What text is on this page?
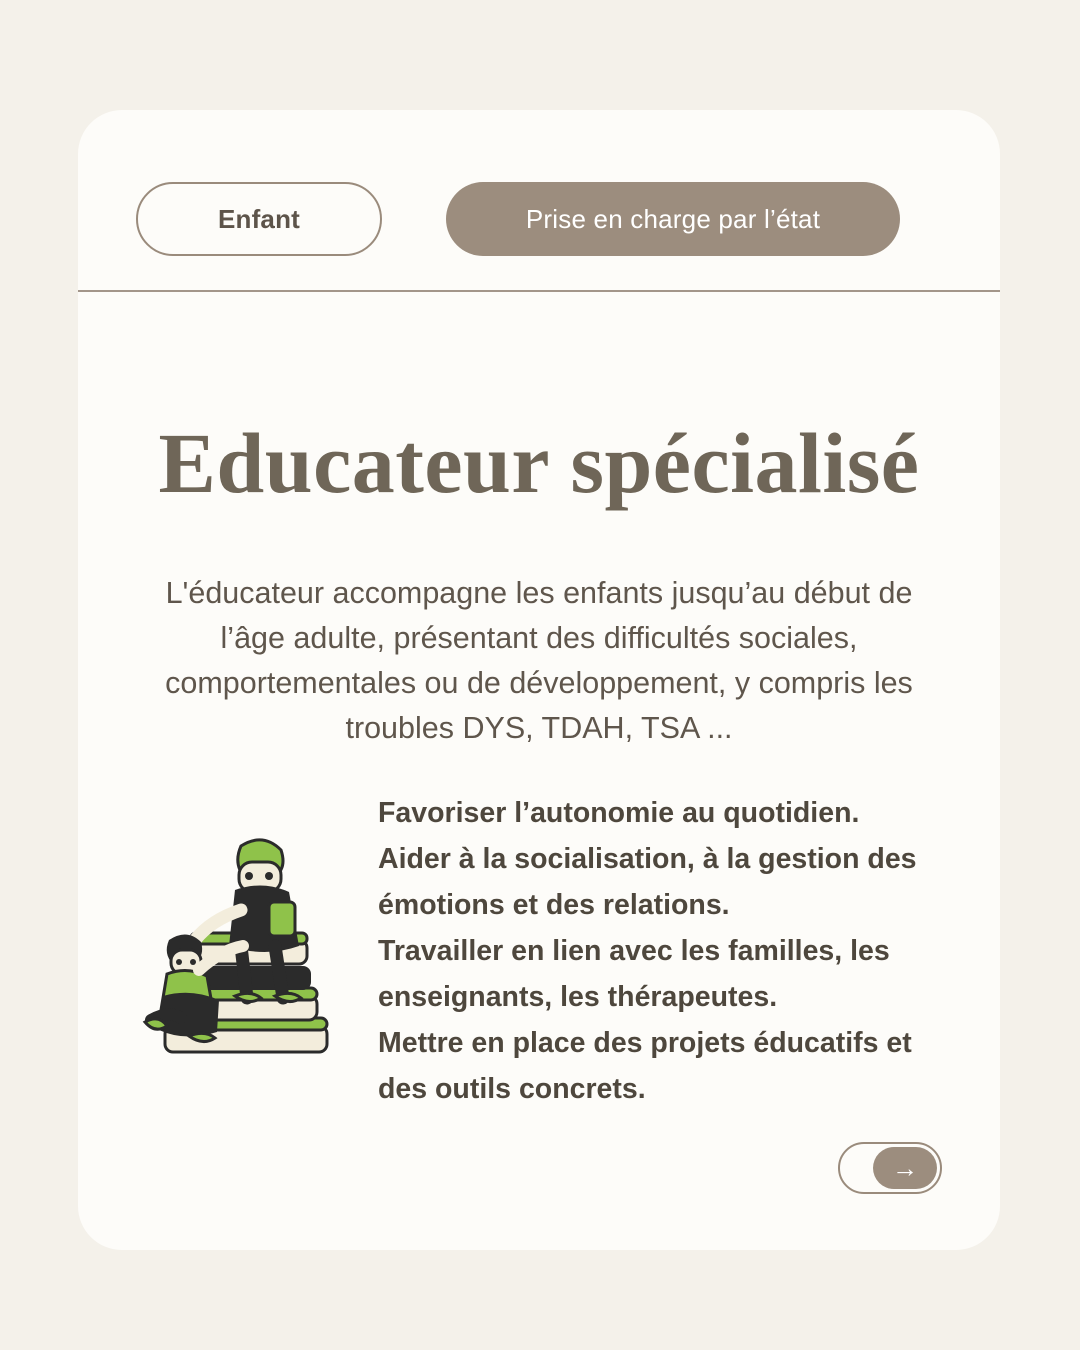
Enfant	Prise en charge par l’état
Educateur spécialisé

L'éducateur accompagne les enfants jusqu’au début de l’âge adulte, présentant des difficultés sociales, comportementales ou de développement, y compris les troubles DYS, TDAH, TSA ...

Favoriser l’autonomie au quotidien.

Aider à la socialisation, à la gestion des émotions et des relations.

Travailler en lien avec les familles, les enseignants, les thérapeutes.

Mettre en place des projets éducatifs et des outils concrets.

→
